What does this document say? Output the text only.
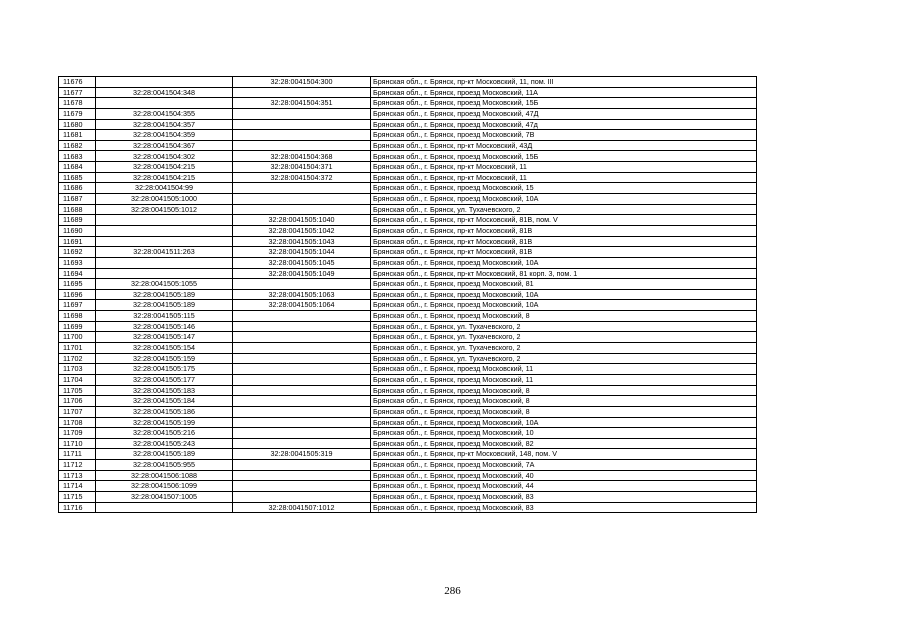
11676		32:28:0041504:300	Брянская обл., г. Брянск, пр-кт Московский, 11, пом. III
11677	32:28:0041504:348		Брянская обл., г. Брянск, проезд Московский, 11А
11678		32:28:0041504:351	Брянская обл., г. Брянск, проезд Московский, 15Б
11679	32:28:0041504:355		Брянская обл., г. Брянск, проезд Московский, 47Д
11680	32:28:0041504:357		Брянская обл., г. Брянск, проезд Московский, 47д
11681	32:28:0041504:359		Брянская обл., г. Брянск, проезд Московский, 7В
11682	32:28:0041504:367		Брянская обл., г. Брянск, пр-кт Московский, 43Д
11683	32:28:0041504:302	32:28:0041504:368	Брянская обл., г. Брянск, проезд Московский, 15Б
11684	32:28:0041504:215	32:28:0041504:371	Брянская обл., г. Брянск, пр-кт Московский, 11
11685	32:28:0041504:215	32:28:0041504:372	Брянская обл., г. Брянск, пр-кт Московский, 11
11686	32:28:0041504:99		Брянская обл., г. Брянск, проезд Московский, 15
11687	32:28:0041505:1000		Брянская обл., г. Брянск, проезд Московский, 10А
11688	32:28:0041505:1012		Брянская обл., г. Брянск, ул. Тухачевского, 2
11689		32:28:0041505:1040	Брянская обл., г. Брянск, пр-кт Московский, 81В, пом. V
11690		32:28:0041505:1042	Брянская обл., г. Брянск, пр-кт Московский, 81В
11691		32:28:0041505:1043	Брянская обл., г. Брянск, пр-кт Московский, 81В
11692	32:28:0041511:263	32:28:0041505:1044	Брянская обл., г. Брянск, пр-кт Московский, 81В
11693		32:28:0041505:1045	Брянская обл., г. Брянск, проезд Московский, 10А
11694		32:28:0041505:1049	Брянская обл., г. Брянск, пр-кт Московский, 81 корп. 3, пом. 1
11695	32:28:0041505:1055		Брянская обл., г. Брянск, проезд Московский, 81
11696	32:28:0041505:189	32:28:0041505:1063	Брянская обл., г. Брянск, проезд Московский, 10А
11697	32:28:0041505:189	32:28:0041505:1064	Брянская обл., г. Брянск, проезд Московский, 10А
11698	32:28:0041505:115		Брянская обл., г. Брянск, проезд Московский, 8
11699	32:28:0041505:146		Брянская обл., г. Брянск, ул. Тухачевского, 2
11700	32:28:0041505:147		Брянская обл., г. Брянск, ул. Тухачевского, 2
11701	32:28:0041505:154		Брянская обл., г. Брянск, ул. Тухачевского, 2
11702	32:28:0041505:159		Брянская обл., г. Брянск, ул. Тухачевского, 2
11703	32:28:0041505:175		Брянская обл., г. Брянск, проезд Московский, 11
11704	32:28:0041505:177		Брянская обл., г. Брянск, проезд Московский, 11
11705	32:28:0041505:183		Брянская обл., г. Брянск, проезд Московский, 8
11706	32:28:0041505:184		Брянская обл., г. Брянск, проезд Московский, 8
11707	32:28:0041505:186		Брянская обл., г. Брянск, проезд Московский, 8
11708	32:28:0041505:199		Брянская обл., г. Брянск, проезд Московский, 10А
11709	32:28:0041505:216		Брянская обл., г. Брянск, проезд Московский, 10
11710	32:28:0041505:243		Брянская обл., г. Брянск, проезд Московский, 82
11711	32:28:0041505:189	32:28:0041505:319	Брянская обл., г. Брянск, пр-кт Московский, 148, пом. V
11712	32:28:0041505:955		Брянская обл., г. Брянск, проезд Московский, 7А
11713	32:28:0041506:1088		Брянская обл., г. Брянск, проезд Московский, 40
11714	32:28:0041506:1099		Брянская обл., г. Брянск, проезд Московский, 44
11715	32:28:0041507:1005		Брянская обл., г. Брянск, проезд Московский, 83
11716		32:28:0041507:1012	Брянская обл., г. Брянск, проезд Московский, 83
286
